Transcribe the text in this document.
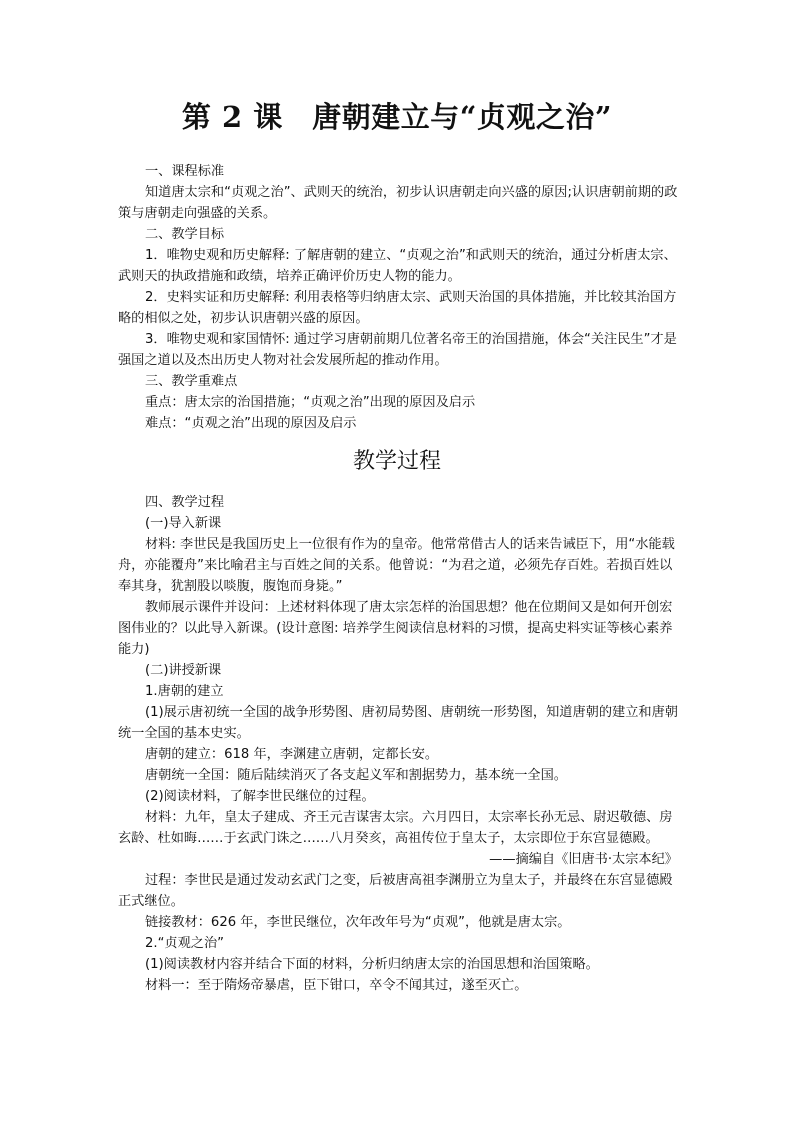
第 2 课　唐朝建立与“贞观之治”

一、课程标准

知道唐太宗和“贞观之治”、武则天的统治，初步认识唐朝走向兴盛的原因;认识唐朝前期的政策与唐朝走向强盛的关系。

二、教学目标

1．唯物史观和历史解释: 了解唐朝的建立、“贞观之治”和武则天的统治，通过分析唐太宗、武则天的执政措施和政绩，培养正确评价历史人物的能力。

2．史料实证和历史解释: 利用表格等归纳唐太宗、武则天治国的具体措施，并比较其治国方略的相似之处，初步认识唐朝兴盛的原因。

3．唯物史观和家国情怀: 通过学习唐朝前期几位著名帝王的治国措施，体会“关注民生”才是强国之道以及杰出历史人物对社会发展所起的推动作用。

三、教学重难点

重点：唐太宗的治国措施；“贞观之治”出现的原因及启示

难点：“贞观之治”出现的原因及启示

教学过程

四、教学过程

(一)导入新课

材料: 李世民是我国历史上一位很有作为的皇帝。他常常借古人的话来告诫臣下，用“水能载舟，亦能覆舟”来比喻君主与百姓之间的关系。他曾说：“为君之道，必须先存百姓。若损百姓以奉其身，犹割股以啖腹，腹饱而身毙。”

教师展示课件并设问：上述材料体现了唐太宗怎样的治国思想？他在位期间又是如何开创宏图伟业的？以此导入新课。(设计意图: 培养学生阅读信息材料的习惯，提高史料实证等核心素养能力)

(二)讲授新课

1.唐朝的建立

(1)展示唐初统一全国的战争形势图、唐初局势图、唐朝统一形势图，知道唐朝的建立和唐朝统一全国的基本史实。

唐朝的建立：618 年，李渊建立唐朝，定都长安。

唐朝统一全国：随后陆续消灭了各支起义军和割据势力，基本统一全国。

(2)阅读材料，了解李世民继位的过程。

材料：九年，皇太子建成、齐王元吉谋害太宗。六月四日，太宗率长孙无忌、尉迟敬德、房玄龄、杜如晦……于玄武门诛之……八月癸亥，高祖传位于皇太子，太宗即位于东宫显德殿。

——摘编自《旧唐书·太宗本纪》

过程：李世民是通过发动玄武门之变，后被唐高祖李渊册立为皇太子，并最终在东宫显德殿正式继位。

链接教材：626 年，李世民继位，次年改年号为“贞观”，他就是唐太宗。

2.“贞观之治”

(1)阅读教材内容并结合下面的材料，分析归纳唐太宗的治国思想和治国策略。

材料一：至于隋炀帝暴虐，臣下钳口，卒令不闻其过，遂至灭亡。
